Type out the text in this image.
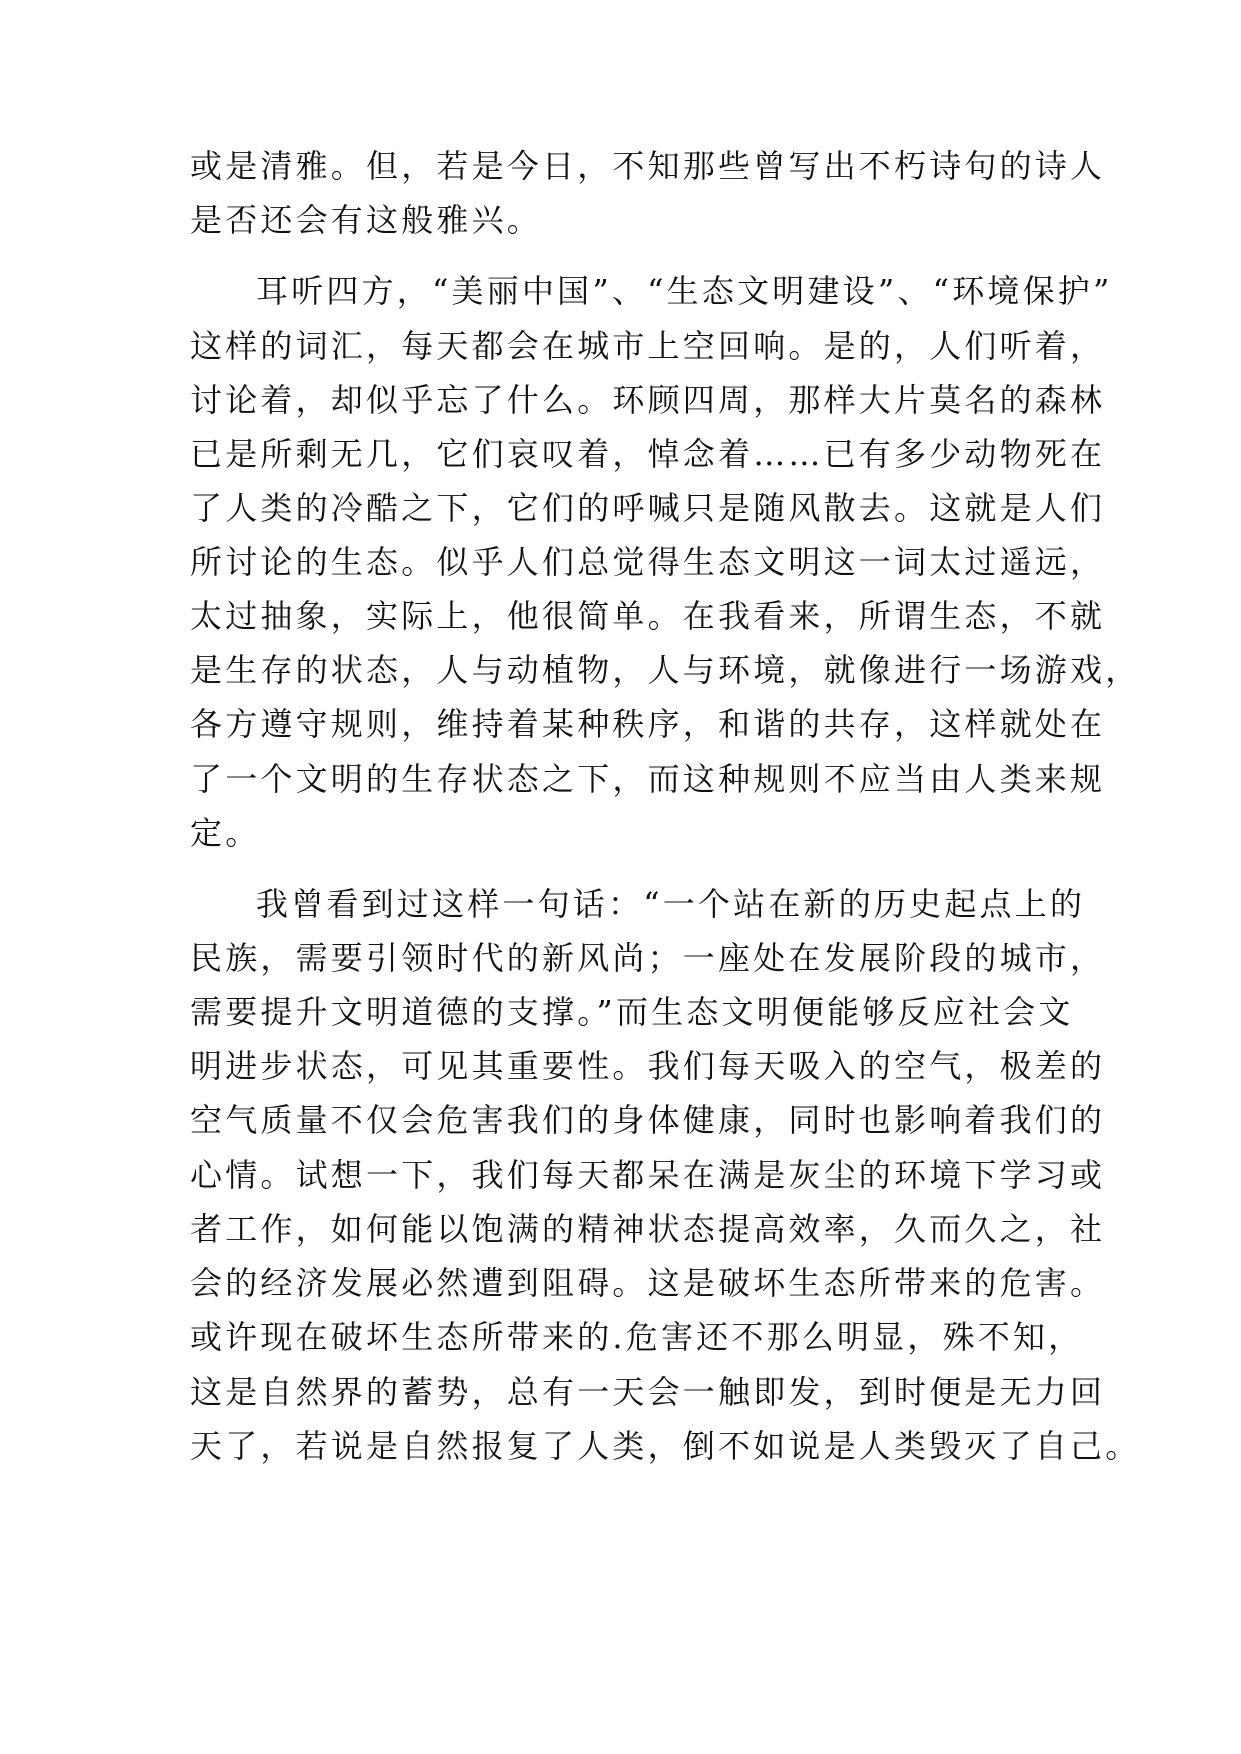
或是清雅。但，若是今日，不知那些曾写出不朽诗句的诗人
是否还会有这般雅兴。
耳听四方，“美丽中国”、“生态文明建设”、“环境保护”
这样的词汇，每天都会在城市上空回响。是的，人们听着，
讨论着，却似乎忘了什么。环顾四周，那样大片莫名的森林
已是所剩无几，它们哀叹着，悼念着……已有多少动物死在
了人类的冷酷之下，它们的呼喊只是随风散去。这就是人们
所讨论的生态。似乎人们总觉得生态文明这一词太过遥远，
太过抽象，实际上，他很简单。在我看来，所谓生态，不就
是生存的状态，人与动植物，人与环境，就像进行一场游戏，
各方遵守规则，维持着某种秩序，和谐的共存，这样就处在
了一个文明的生存状态之下，而这种规则不应当由人类来规
定。
我曾看到过这样一句话：“一个站在新的历史起点上的
民族，需要引领时代的新风尚；一座处在发展阶段的城市，
需要提升文明道德的支撑。”而生态文明便能够反应社会文
明进步状态，可见其重要性。我们每天吸入的空气，极差的
空气质量不仅会危害我们的身体健康，同时也影响着我们的
心情。试想一下，我们每天都呆在满是灰尘的环境下学习或
者工作，如何能以饱满的精神状态提高效率，久而久之，社
会的经济发展必然遭到阻碍。这是破坏生态所带来的危害。
或许现在破坏生态所带来的.危害还不那么明显，殊不知，
这是自然界的蓄势，总有一天会一触即发，到时便是无力回
天了，若说是自然报复了人类，倒不如说是人类毁灭了自己。
